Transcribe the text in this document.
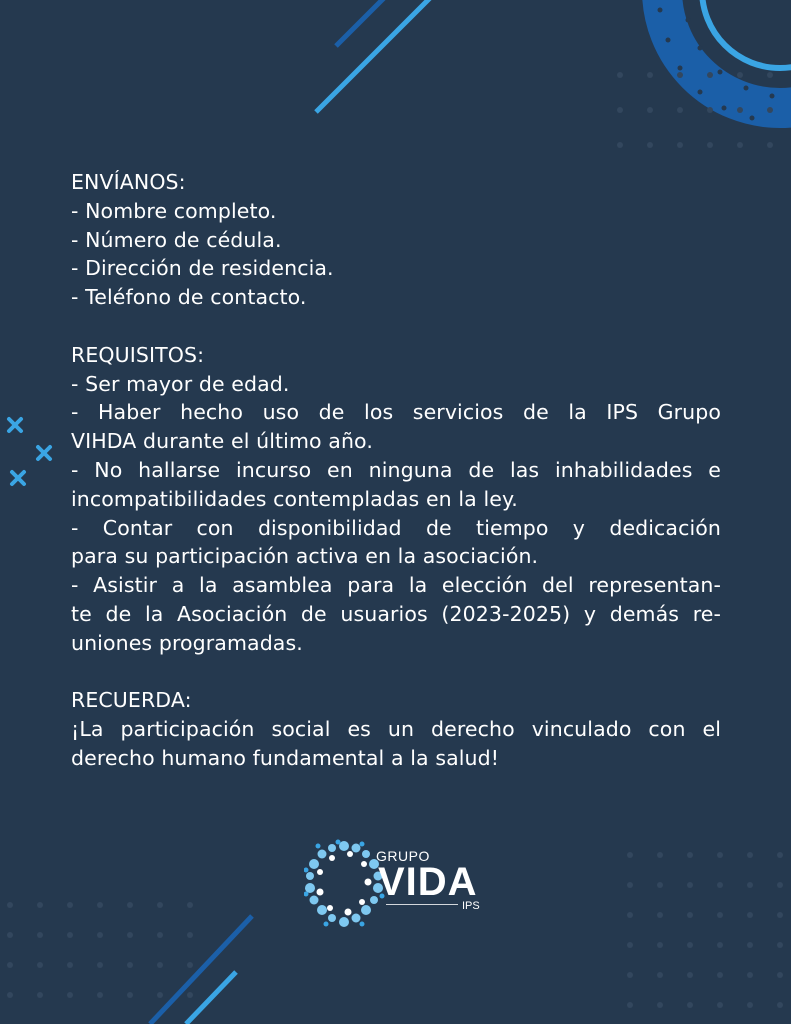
ENVÍANOS:
- Nombre completo.
- Número de cédula.
- Dirección de residencia.
- Teléfono de contacto.
REQUISITOS:
- Ser mayor de edad.
- Haber hecho uso de los servicios de la IPS Grupo
VIHDA durante el último año.
- No hallarse incurso en ninguna de las inhabilidades e
incompatibilidades contempladas en la ley.
- Contar con disponibilidad de tiempo y dedicación
para su participación activa en la asociación.
- Asistir a la asamblea para la elección del representan-
te de la Asociación de usuarios (2023-2025) y demás re-
uniones programadas.
RECUERDA:
¡La participación social es un derecho vinculado con el
derecho humano fundamental a la salud!
GRUPO
VIDA
IPS
